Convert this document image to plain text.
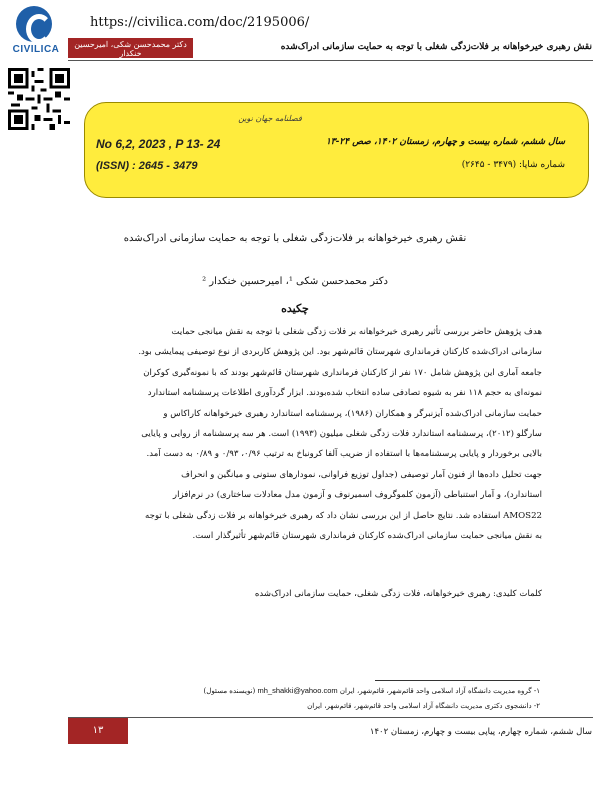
CIVILICA
https://civilica.com/doc/2195006/
دکتر محمدحسن شکی، امیرحسین خنکدار
نقش رهبری خیرخواهانه بر فلات‌زدگی شغلی با توجه به حمایت سازمانی ادراک‌شده
فصلنامه جهان نوین
سال ششم، شماره بیست و چهارم، زمستان ۱۴۰۲، صص ۲۴-۱۳
شماره شاپا: (۳۴۷۹ - ۲۶۴۵)
No 6,2, 2023 , P 13- 24
(ISSN) : 2645 - 3479
نقش رهبری خیرخواهانه بر فلات‌زدگی شغلی با توجه به حمایت سازمانی ادراک‌شده
دکتر محمدحسن شکی ¹، امیرحسین خنکدار ²
چکیده

هدف پژوهش حاضر بررسی تأثیر رهبری خیرخواهانه بر فلات زدگی شغلی با توجه به نقش میانجی حمایت

سازمانی ادراک‌شده کارکنان فرمانداری شهرستان قائم‌شهر بود. این پژوهش کاربردی از نوع توصیفی پیمایشی بود.

جامعه آماری این پژوهش شامل ۱۷۰ نفر از کارکنان فرمانداری شهرستان قائم‌شهر بودند که با نمونه‌گیری کوکران

نمونه‌ای به حجم ۱۱۸ نفر به شیوه تصادفی ساده انتخاب شده‌بودند. ابزار گردآوری اطلاعات پرسشنامه استاندارد

حمایت سازمانی ادراک‌شده آیزنبرگر و همکاران (۱۹۸۶)، پرسشنامه استاندارد رهبری خیرخواهانه کاراکاس و

سارگلو (۲۰۱۲)، پرسشنامه استاندارد فلات زدگی شغلی میلیون (۱۹۹۳) است. هر سه پرسشنامه از روایی و پایایی

بالایی برخوردار و پایایی پرسشنامه‌ها با استفاده از ضریب آلفا کرونباخ به ترتیب ۰/۹۶، ۰/۹۳ و ۰/۸۹ به دست آمد.

جهت تحلیل داده‌ها از فنون آمار توصیفی (جداول توزیع فراوانی، نمودارهای ستونی و میانگین و انحراف

استاندارد)، و آمار استنباطی (آزمون کلموگروف اسمیرنوف و آزمون مدل معادلات ساختاری) در نرم‌افزار

AMOS22 استفاده شد. نتایج حاصل از این بررسی نشان داد که رهبری خیرخواهانه بر فلات زدگی شغلی با توجه

به نقش میانجی حمایت سازمانی ادراک‌شده کارکنان فرمانداری شهرستان قائم‌شهر تأثیرگذار است.

کلمات کلیدی: رهبری خیرخواهانه، فلات زدگی شغلی، حمایت سازمانی ادراک‌شده
۱- گروه مدیریت دانشگاه آزاد اسلامی واحد قائم‌شهر، قائم‌شهر، ایران mh_shakki@yahoo.com (نویسنده مسئول)
۲- دانشجوی دکتری مدیریت دانشگاه آزاد اسلامی واحد قائم‌شهر، قائم‌شهر، ایران
۱۳	سال ششم، شماره چهارم، پیاپی بیست و چهارم، زمستان ۱۴۰۲
